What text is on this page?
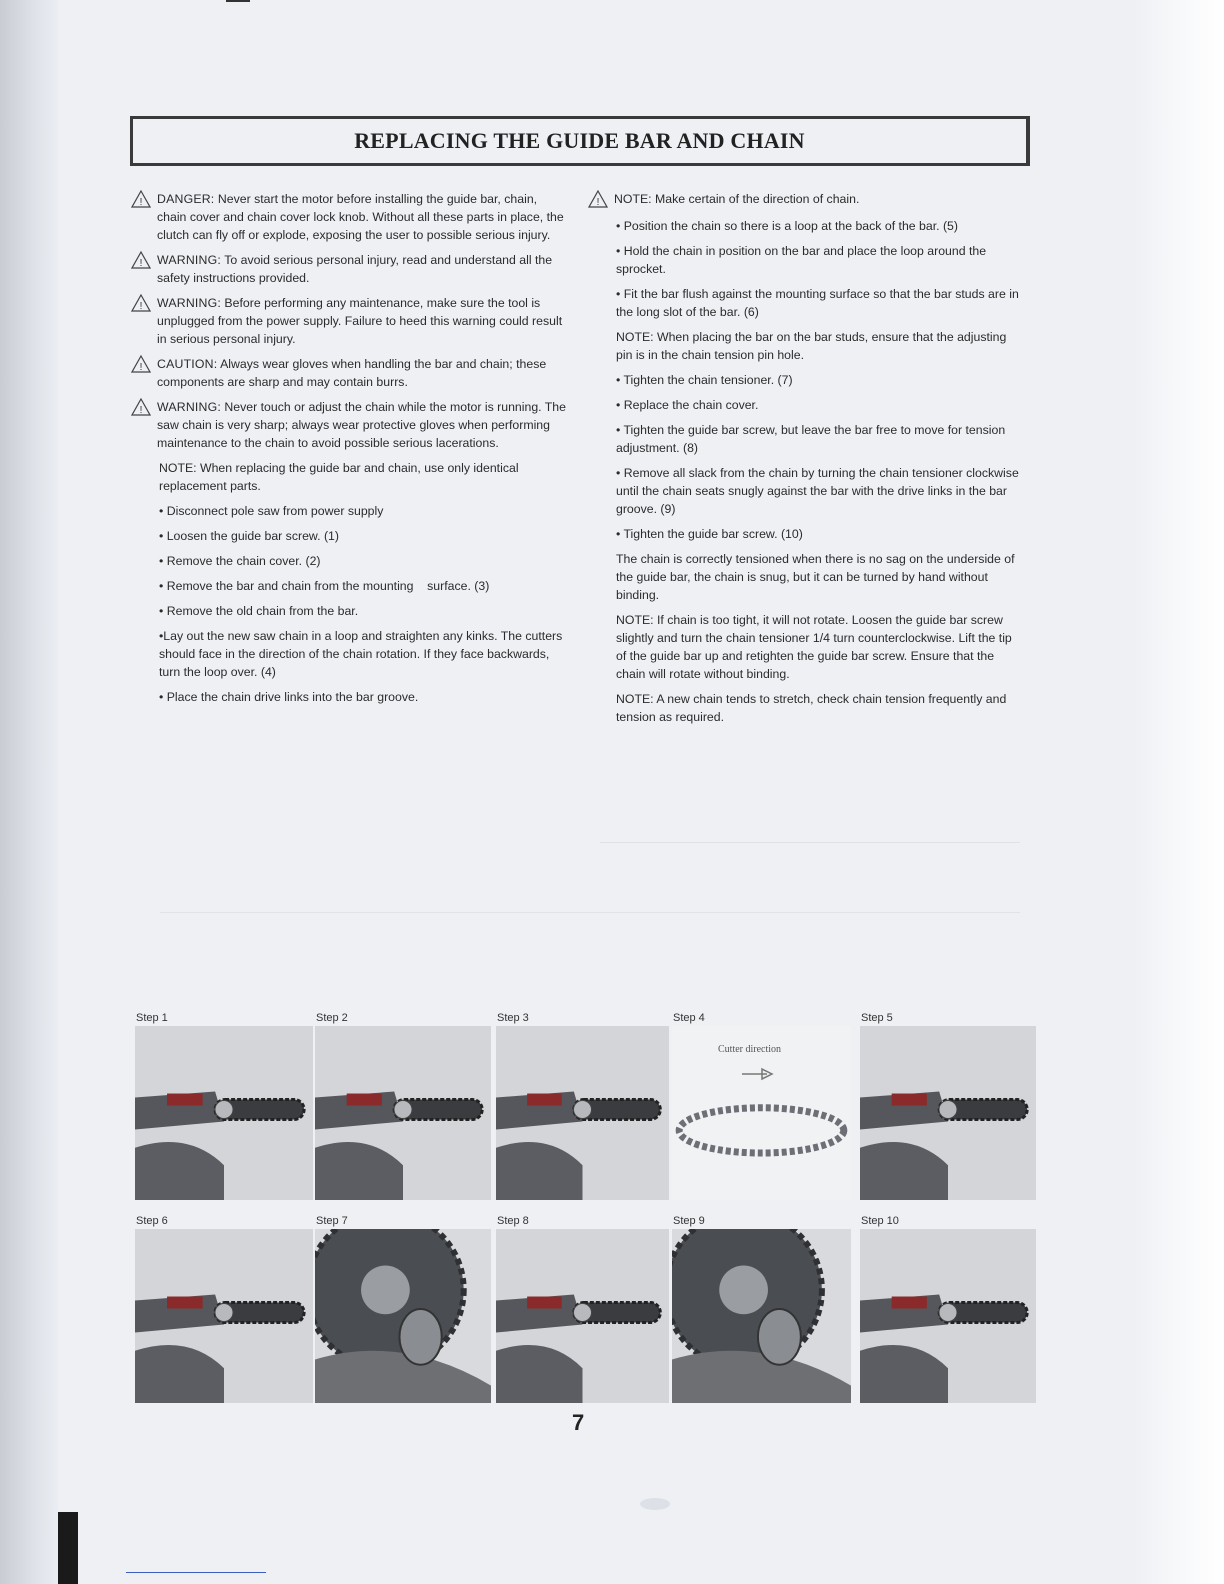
REPLACING THE GUIDE BAR AND CHAIN
! DANGER: Never start the motor before installing the guide bar, chain, chain cover and chain cover lock knob. Without all these parts in place, the clutch can fly off or explode, exposing the user to possible serious injury.
! WARNING: To avoid serious personal injury, read and understand all the safety instructions provided.
! WARNING: Before performing any maintenance, make sure the tool is unplugged from the power supply. Failure to heed this warning could result in serious personal injury.
! CAUTION: Always wear gloves when handling the bar and chain; these components are sharp and may contain burrs.
! WARNING: Never touch or adjust the chain while the motor is running. The saw chain is very sharp; always wear protective gloves when performing maintenance to the chain to avoid possible serious lacerations.

NOTE: When replacing the guide bar and chain, use only identical replacement parts.

• Disconnect pole saw from power supply

• Loosen the guide bar screw. (1)

• Remove the chain cover. (2)

• Remove the bar and chain from the mounting    surface. (3)

• Remove the old chain from the bar.

•Lay out the new saw chain in a loop and straighten any kinks. The cutters should face in the direction of the chain rotation. If they face backwards, turn the loop over. (4)

• Place the chain drive links into the bar groove.

! NOTE: Make certain of the direction of chain.

• Position the chain so there is a loop at the back of the bar. (5)

• Hold the chain in position on the bar and place the loop around the sprocket.

• Fit the bar flush against the mounting surface so that the bar studs are in the long slot of the bar. (6)

NOTE: When placing the bar on the bar studs, ensure that the adjusting pin is in the chain tension pin hole.

• Tighten the chain tensioner. (7)

• Replace the chain cover.

• Tighten the guide bar screw, but leave the bar free to move for tension adjustment. (8)

• Remove all slack from the chain by turning the chain tensioner clockwise until the chain seats snugly against the bar with the drive links in the bar groove. (9)

• Tighten the guide bar screw. (10)

The chain is correctly tensioned when there is no sag on the underside of the guide bar, the chain is snug, but it can be turned by hand without binding.

NOTE: If chain is too tight, it will not rotate. Loosen the guide bar screw slightly and turn the chain tensioner 1/4 turn counterclockwise. Lift the tip of the guide bar up and retighten the guide bar screw. Ensure that the chain will rotate without binding.

NOTE: A new chain tends to stretch, check chain tension frequently and tension as required.

Step 1	Step 2	Step 3	Step 4
Cutter direction
Step 5
Step 6	Step 7	Step 8	Step 9	Step 10
7
